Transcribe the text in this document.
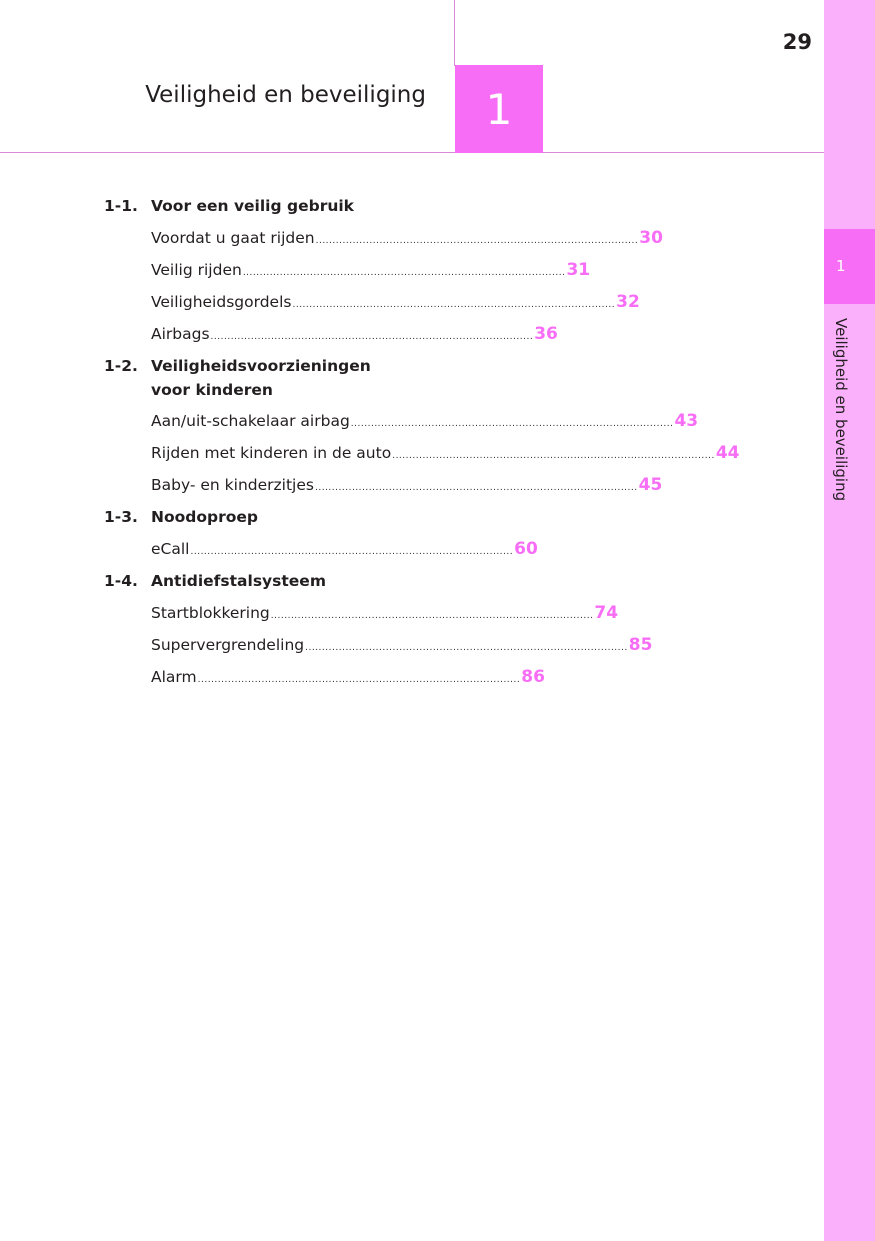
29
Veiligheid en beveiliging	1
1
Veiligheid en beveiliging
1-1. Voor een veilig gebruik
Voordat u gaat rijden ................................................................................................ 30
Veilig rijden ................................................................................................ 31
Veiligheidsgordels ................................................................................................ 32
Airbags ................................................................................................ 36
1-2. Veiligheidsvoorzieningen voor kinderen
Aan/uit-schakelaar airbag ................................................................................................ 43
Rijden met kinderen in de auto ................................................................................................ 44
Baby- en kinderzitjes ................................................................................................ 45
1-3. Noodoproep
eCall ................................................................................................ 60
1-4. Antidiefstalsysteem
Startblokkering ................................................................................................ 74
Supervergrendeling ................................................................................................ 85
Alarm ................................................................................................ 86
